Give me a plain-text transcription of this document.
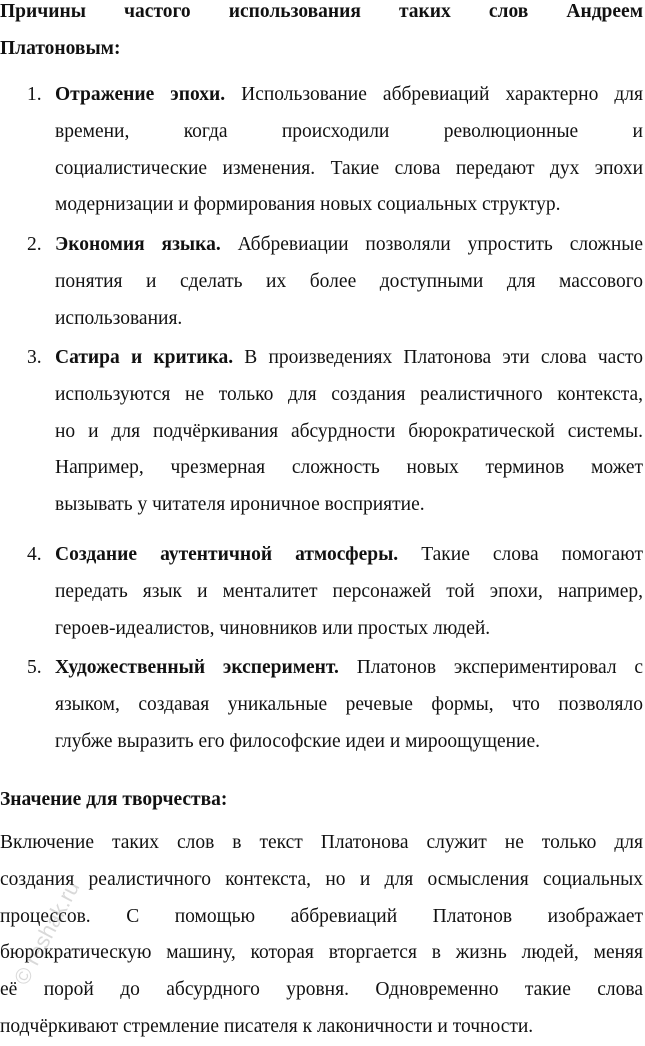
Причины частого использования таких слов Андреем
Платоновым:
1. Отражение эпохи. Использование аббревиаций характерно для
времени, когда происходили революционные и
социалистические изменения. Такие слова передают дух эпохи
модернизации и формирования новых социальных структур.
2. Экономия языка. Аббревиации позволяли упростить сложные
понятия и сделать их более доступными для массового
использования.
3. Сатира и критика. В произведениях Платонова эти слова часто
используются не только для создания реалистичного контекста,
но и для подчёркивания абсурдности бюрократической системы.
Например, чрезмерная сложность новых терминов может
вызывать у читателя ироничное восприятие.
4. Создание аутентичной атмосферы. Такие слова помогают
передать язык и менталитет персонажей той эпохи, например,
героев-идеалистов, чиновников или простых людей.
5. Художественный эксперимент. Платонов экспериментировал с
языком, создавая уникальные речевые формы, что позволяло
глубже выразить его философские идеи и мироощущение.
Значение для творчества:
Включение таких слов в текст Платонова служит не только для
создания реалистичного контекста, но и для осмысления социальных
процессов. С помощью аббревиаций Платонов изображает
бюрократическую машину, которая вторгается в жизнь людей, меняя
её порой до абсурдного уровня. Одновременно такие слова
подчёркивают стремление писателя к лаконичности и точности.
© reshak.ru
